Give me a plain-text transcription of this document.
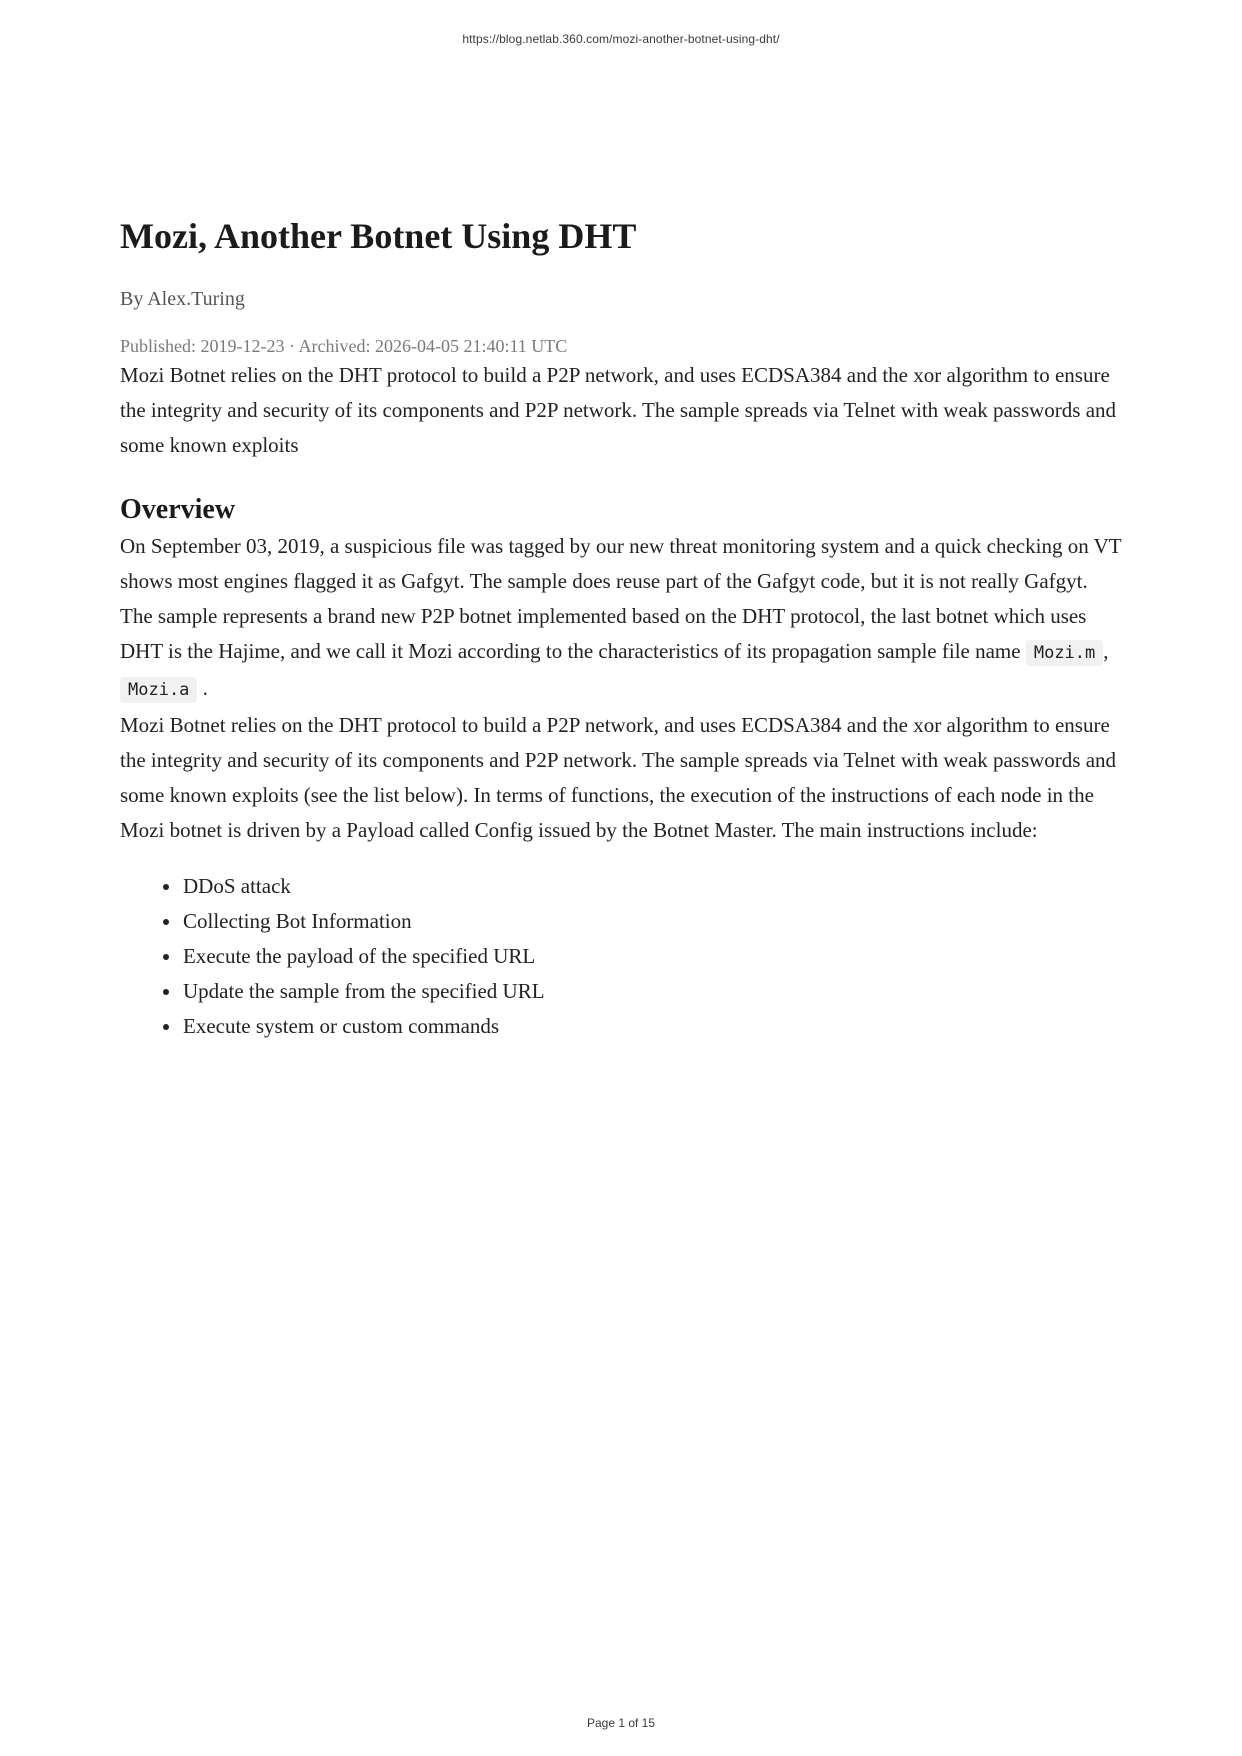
https://blog.netlab.360.com/mozi-another-botnet-using-dht/
Mozi, Another Botnet Using DHT
By Alex.Turing
Published: 2019-12-23 · Archived: 2026-04-05 21:40:11 UTC

Mozi Botnet relies on the DHT protocol to build a P2P network, and uses ECDSA384 and the xor algorithm to ensure the integrity and security of its components and P2P network. The sample spreads via Telnet with weak passwords and some known exploits

Overview

On September 03, 2019, a suspicious file was tagged by our new threat monitoring system and a quick checking on VT shows most engines flagged it as Gafgyt. The sample does reuse part of the Gafgyt code, but it is not really Gafgyt.

The sample represents a brand new P2P botnet implemented based on the DHT protocol, the last botnet which uses DHT is the Hajime, and we call it Mozi according to the characteristics of its propagation sample file name Mozi.m , Mozi.a .

Mozi Botnet relies on the DHT protocol to build a P2P network, and uses ECDSA384 and the xor algorithm to ensure the integrity and security of its components and P2P network. The sample spreads via Telnet with weak passwords and some known exploits (see the list below). In terms of functions, the execution of the instructions of each node in the Mozi botnet is driven by a Payload called Config issued by the Botnet Master. The main instructions include:

DDoS attack
Collecting Bot Information
Execute the payload of the specified URL
Update the sample from the specified URL
Execute system or custom commands
Page 1 of 15
